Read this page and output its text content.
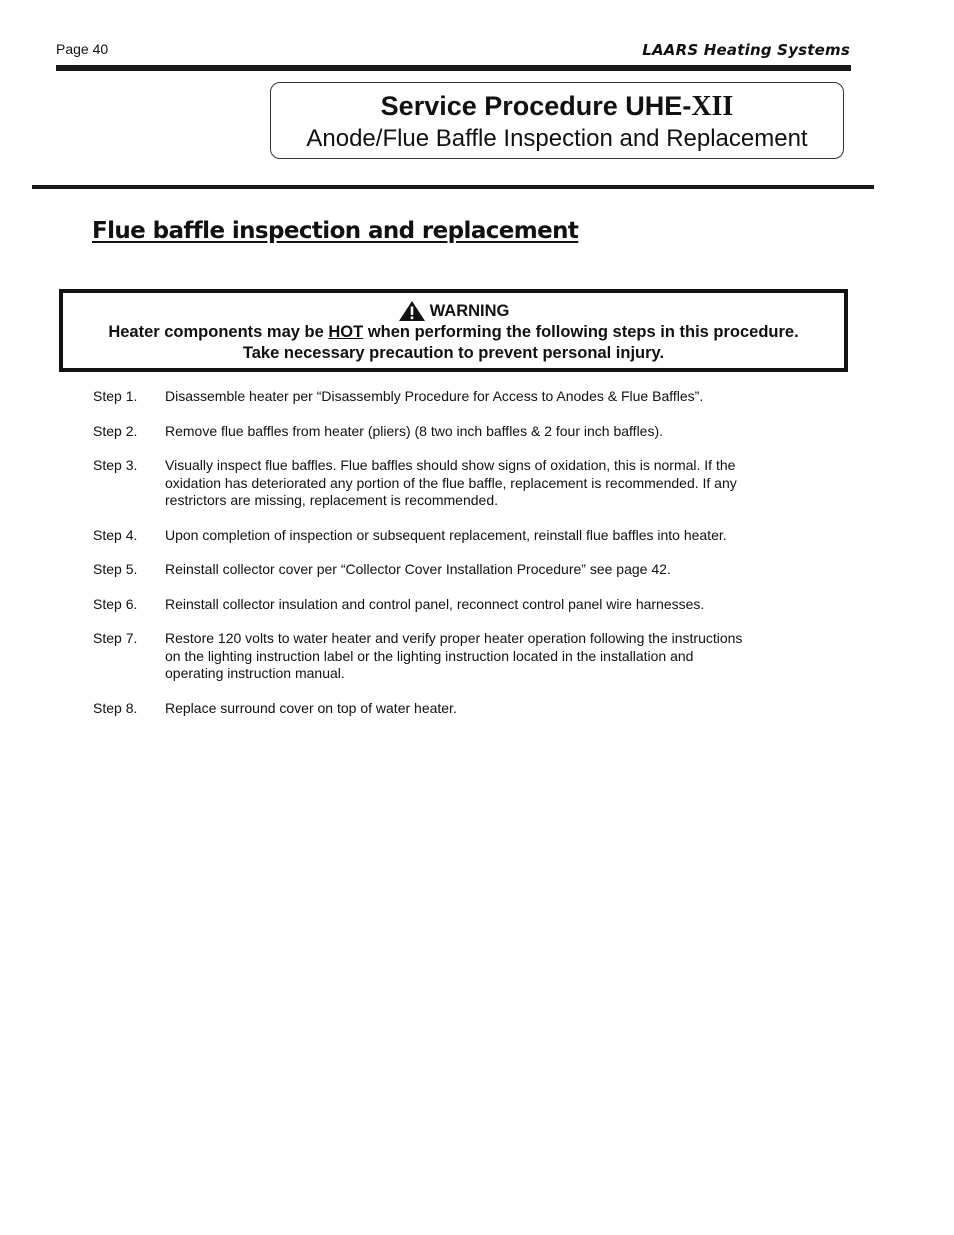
Page 40	LAARS Heating Systems
Service Procedure UHE-XII
Anode/Flue Baffle Inspection and Replacement
Flue baffle inspection and replacement
WARNING
Heater components may be HOT when performing the following steps in this procedure.
Take necessary precaution to prevent personal injury.
Step 1.	Disassemble heater per “Disassembly Procedure for Access to Anodes & Flue Baffles”.
Step 2.	Remove flue baffles from heater (pliers) (8 two inch baffles & 2 four inch baffles).
Step 3.	Visually inspect flue baffles. Flue baffles should show signs of oxidation, this is normal. If the oxidation has deteriorated any portion of the flue baffle, replacement is recommended. If any restrictors are missing, replacement is recommended.
Step 4.	Upon completion of inspection or subsequent replacement, reinstall flue baffles into heater.
Step 5.	Reinstall collector cover per “Collector Cover Installation Procedure” see page 42.
Step 6.	Reinstall collector insulation and control panel, reconnect control panel wire harnesses.
Step 7.	Restore 120 volts to water heater and verify proper heater operation following the instructions on the lighting instruction label or the lighting instruction located in the installation and operating instruction manual.
Step 8.	Replace surround cover on top of water heater.
